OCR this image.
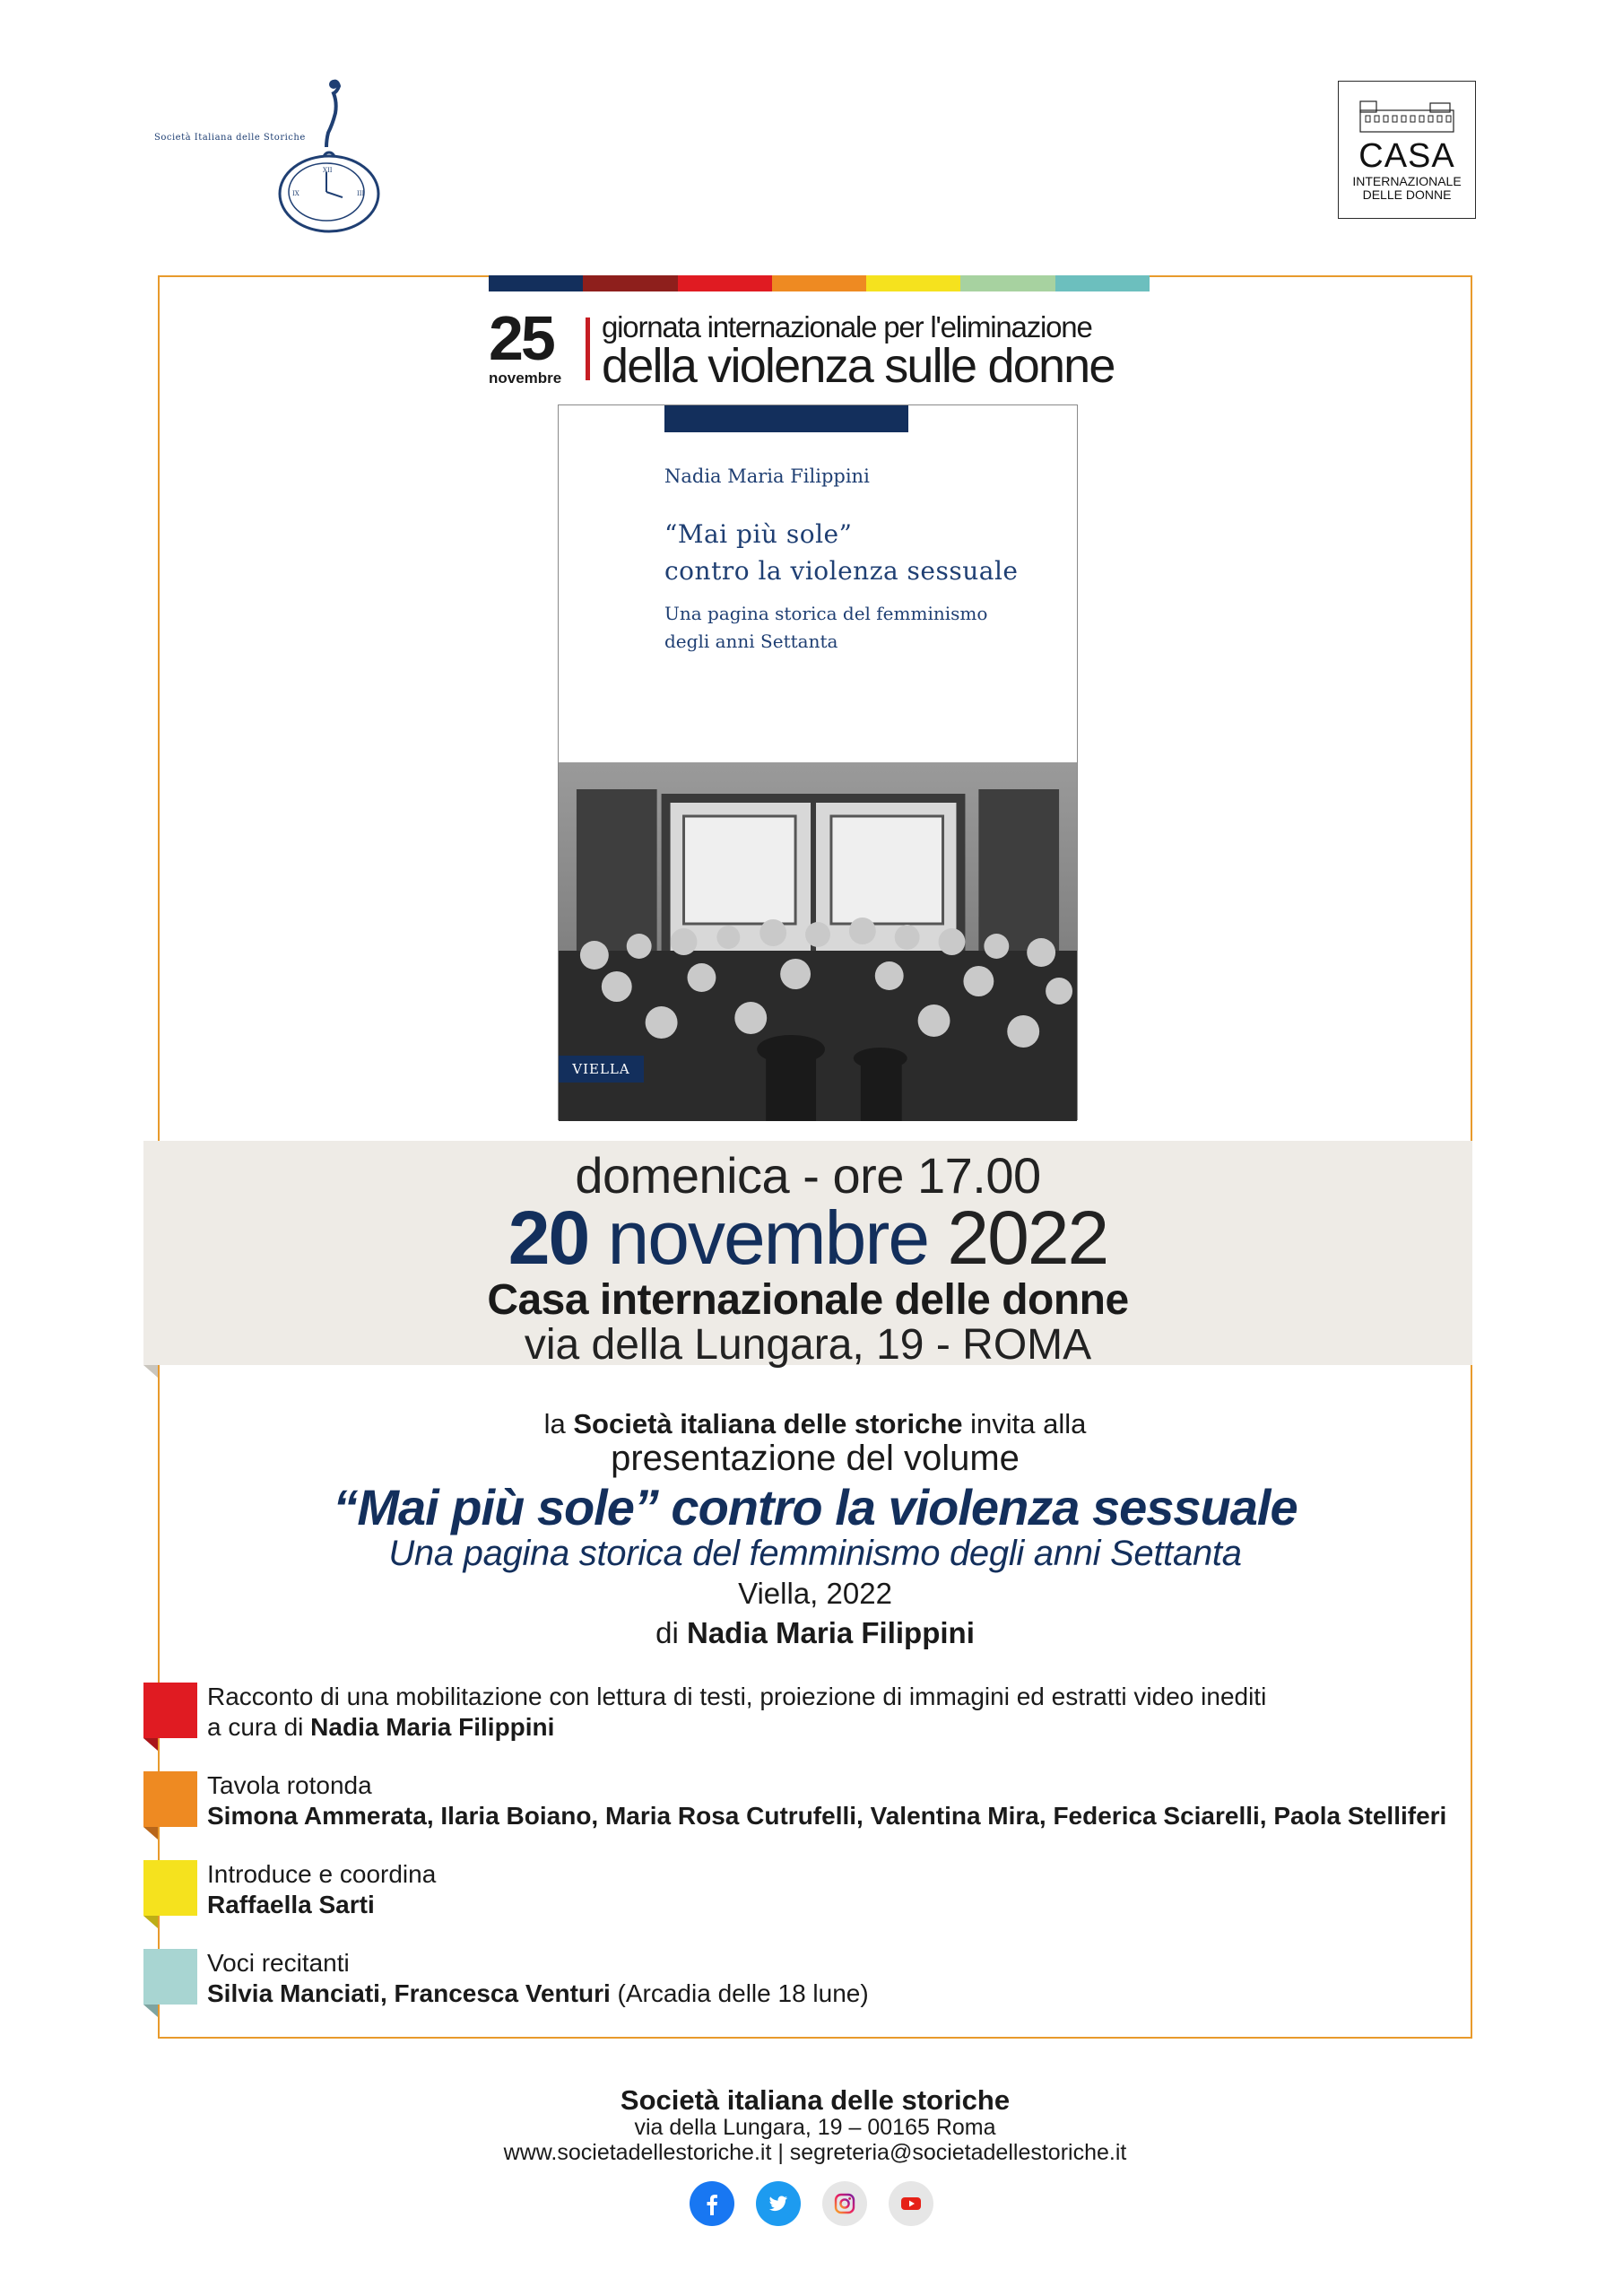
Società Italiana delle Storiche
XII
III
IX
CASA
INTERNAZIONALE
DELLE DONNE
25
novembre
giornata internazionale per l'eliminazione
della violenza sulle donne
Nadia Maria Filippini
“Mai più sole”
contro la violenza sessuale
Una pagina storica del femminismo
degli anni Settanta
VIELLA
domenica - ore 17.00
20 novembre 2022
Casa internazionale delle donne
via della Lungara, 19 - ROMA
la Società italiana delle storiche invita alla
presentazione del volume
“Mai più sole” contro la violenza sessuale
Una pagina storica del femminismo degli anni Settanta
Viella, 2022
di Nadia Maria Filippini
Racconto di una mobilitazione con lettura di testi, proiezione di immagini ed estratti video inediti
a cura di Nadia Maria Filippini
Tavola rotonda
Simona Ammerata, Ilaria Boiano, Maria Rosa Cutrufelli, Valentina Mira, Federica Sciarelli, Paola Stelliferi
Introduce e coordina
Raffaella Sarti
Voci recitanti
Silvia Manciati, Francesca Venturi (Arcadia delle 18 lune)
Società italiana delle storiche
via della Lungara, 19 – 00165 Roma
www.societadellestoriche.it | segreteria@societadellestoriche.it
